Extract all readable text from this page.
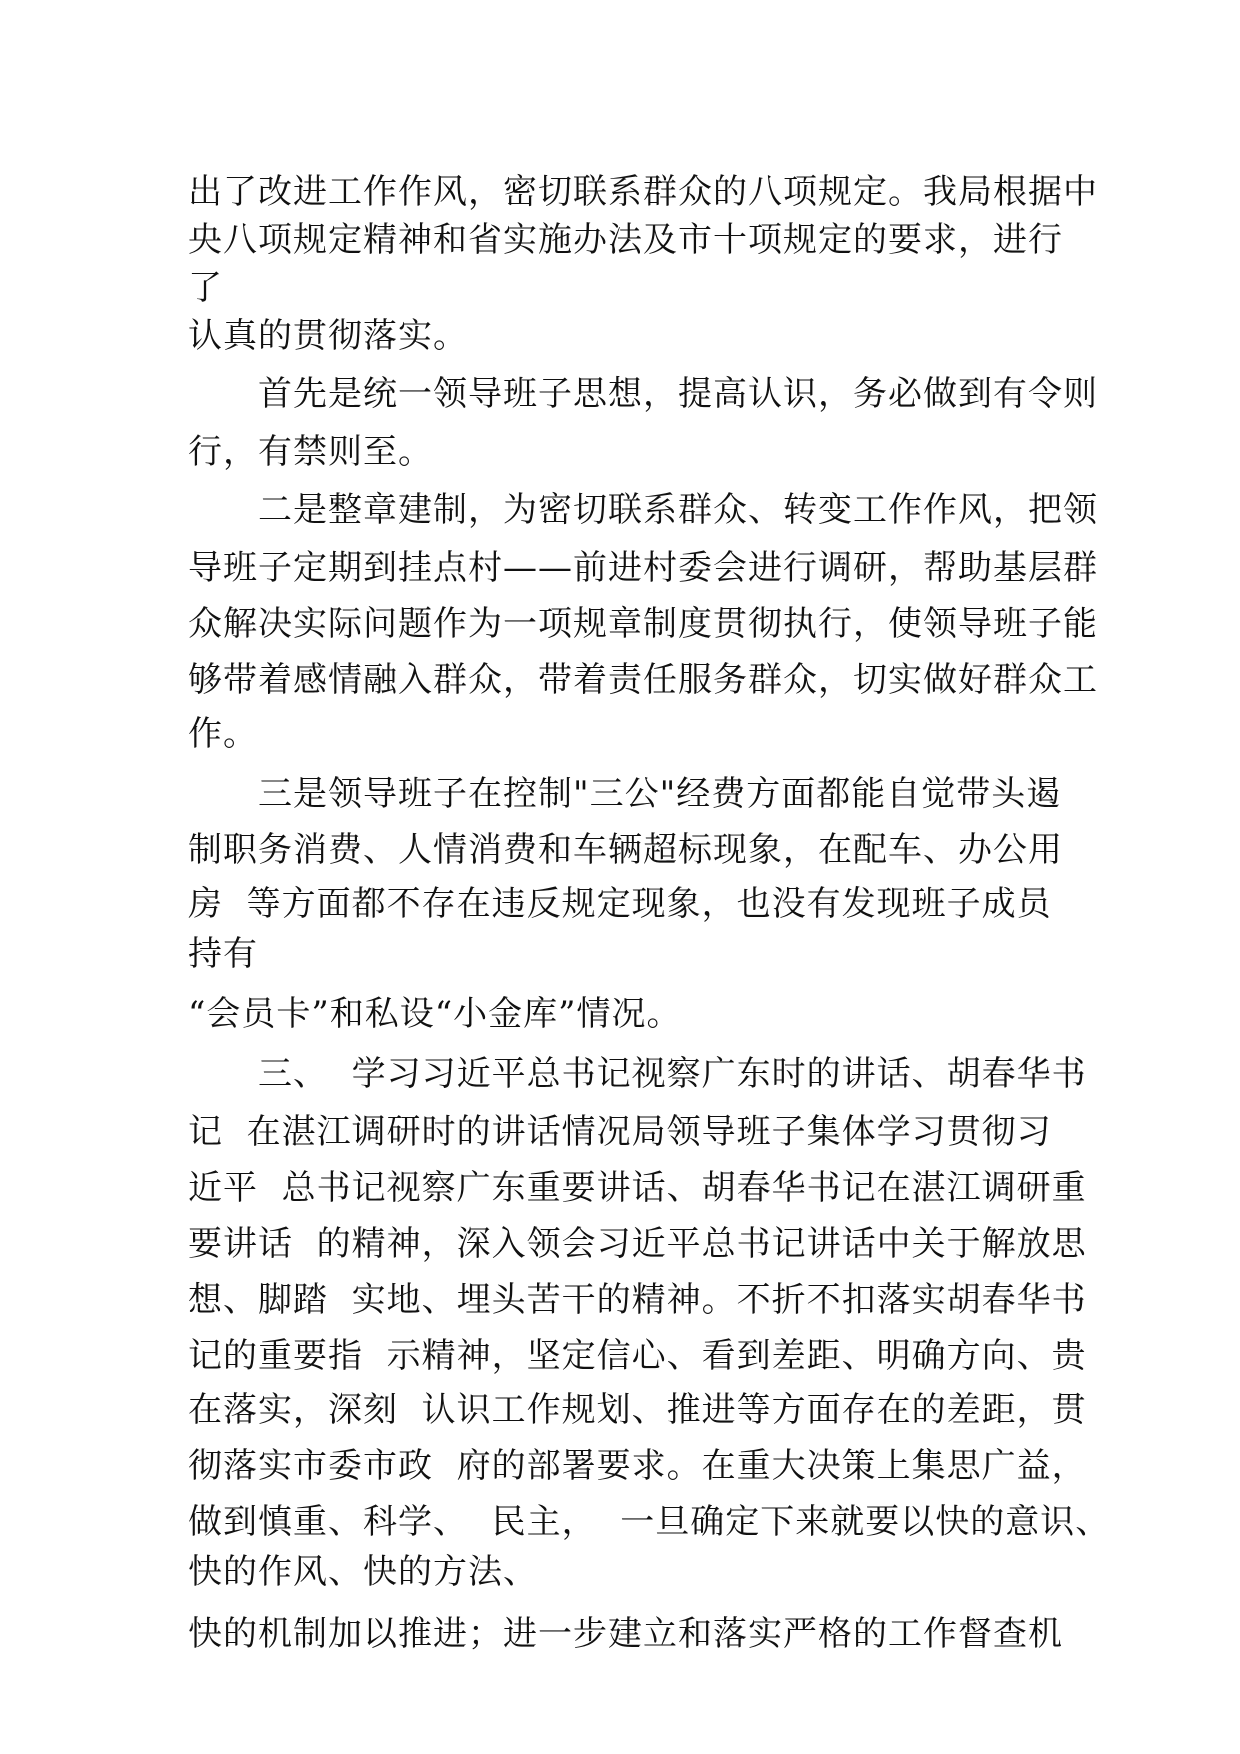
出了改进工作作风，密切联系群众的八项规定。我局根据中
央八项规定精神和省实施办法及市十项规定的要求，进行
了
认真的贯彻落实。
首先是统一领导班子思想，提高认识，务必做到有令则
行，有禁则至。
二是整章建制，为密切联系群众、转变工作作风，把领
导班子定期到挂点村——前进村委会进行调研，帮助基层群
众解决实际问题作为一项规章制度贯彻执行，使领导班子能
够带着感情融入群众，带着责任服务群众，切实做好群众工
作。
三是领导班子在控制"三公"经费方面都能自觉带头遏
制职务消费、人情消费和车辆超标现象，在配车、办公用
房  等方面都不存在违反规定现象，也没有发现班子成员
持有
“会员卡”和私设“小金库”情况。
三、  学习习近平总书记视察广东时的讲话、胡春华书
记  在湛江调研时的讲话情况局领导班子集体学习贯彻习
近平  总书记视察广东重要讲话、胡春华书记在湛江调研重
要讲话  的精神，深入领会习近平总书记讲话中关于解放思
想、脚踏  实地、埋头苦干的精神。不折不扣落实胡春华书
记的重要指  示精神，坚定信心、看到差距、明确方向、贵
在落实，深刻  认识工作规划、推进等方面存在的差距，贯
彻落实市委市政  府的部署要求。在重大决策上集思广益，
做到慎重、科学、  民主，  一旦确定下来就要以快的意识、
快的作风、快的方法、
快的机制加以推进；进一步建立和落实严格的工作督查机
